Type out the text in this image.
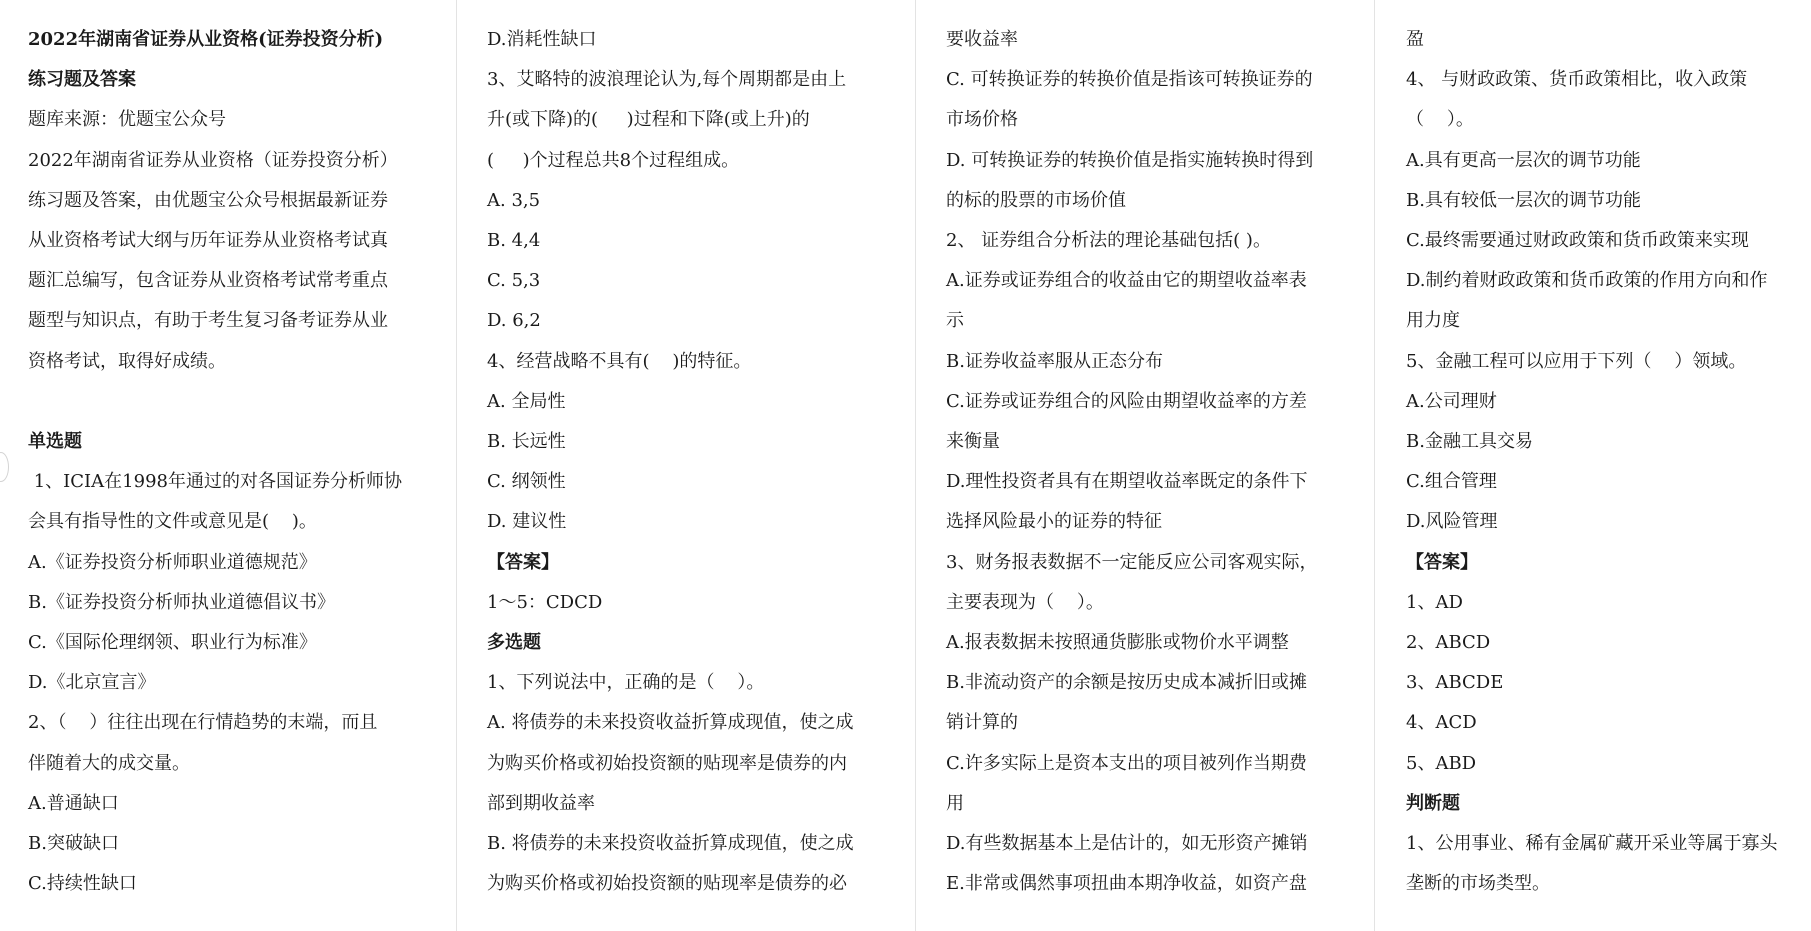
2022年湖南省证券从业资格(证券投资分析)
练习题及答案
题库来源：优题宝公众号
2022年湖南省证券从业资格（证券投资分析）
练习题及答案，由优题宝公众号根据最新证券
从业资格考试大纲与历年证券从业资格考试真
题汇总编写，包含证券从业资格考试常考重点
题型与知识点，有助于考生复习备考证券从业
资格考试，取得好成绩。
单选题
1、ICIA在1998年通过的对各国证券分析师协
会具有指导性的文件或意见是(    )。
A.《证券投资分析师职业道德规范》
B.《证券投资分析师执业道德倡议书》
C.《国际伦理纲领、职业行为标准》
D.《北京宣言》
2、（    ）往往出现在行情趋势的末端，而且
伴随着大的成交量。
A.普通缺口
B.突破缺口
C.持续性缺口
D.消耗性缺口
3、艾略特的波浪理论认为,每个周期都是由上
升(或下降)的(     )过程和下降(或上升)的
(     )个过程总共8个过程组成。
A. 3,5
B. 4,4
C. 5,3
D. 6,2
4、经营战略不具有(    )的特征。
A. 全局性
B. 长远性
C. 纲领性
D. 建议性
【答案】
1～5：CDCD
多选题
1、下列说法中，正确的是（    ）。
A. 将债券的未来投资收益折算成现值，使之成
为购买价格或初始投资额的贴现率是债券的内
部到期收益率
B. 将债券的未来投资收益折算成现值，使之成
为购买价格或初始投资额的贴现率是债券的必
要收益率
C. 可转换证券的转换价值是指该可转换证券的
市场价格
D. 可转换证券的转换价值是指实施转换时得到
的标的股票的市场价值
2、 证券组合分析法的理论基础包括( )。
A.证券或证券组合的收益由它的期望收益率表
示
B.证券收益率服从正态分布
C.证券或证券组合的风险由期望收益率的方差
来衡量
D.理性投资者具有在期望收益率既定的条件下
选择风险最小的证券的特征
3、财务报表数据不一定能反应公司客观实际，
主要表现为（    ）。
A.报表数据未按照通货膨胀或物价水平调整
B.非流动资产的余额是按历史成本减折旧或摊
销计算的
C.许多实际上是资本支出的项目被列作当期费
用
D.有些数据基本上是估计的，如无形资产摊销
E.非常或偶然事项扭曲本期净收益，如资产盘
盈
4、 与财政政策、货币政策相比，收入政策
（    ）。
A.具有更高一层次的调节功能
B.具有较低一层次的调节功能
C.最终需要通过财政政策和货币政策来实现
D.制约着财政政策和货币政策的作用方向和作
用力度
5、金融工程可以应用于下列（    ）领域。
A.公司理财
B.金融工具交易
C.组合管理
D.风险管理
【答案】
1、AD
2、ABCD
3、ABCDE
4、ACD
5、ABD
判断题
1、公用事业、稀有金属矿藏开采业等属于寡头
垄断的市场类型。
